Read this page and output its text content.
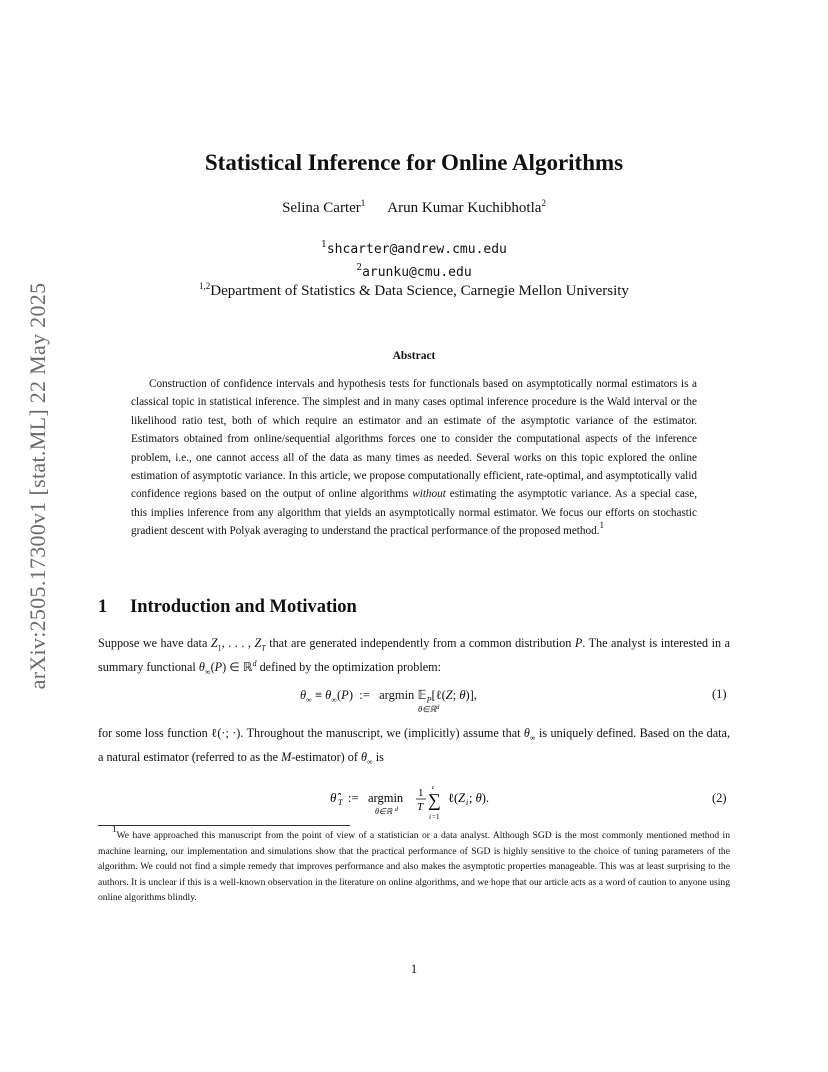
arXiv:2505.17300v1 [stat.ML] 22 May 2025
Statistical Inference for Online Algorithms
Selina Carter$^1$ Arun Kumar Kuchibhotla$^2$
$^1$shcarter@andrew.cmu.edu
$^2$arunku@cmu.edu
$^{1,2}$Department of Statistics & Data Science, Carnegie Mellon University
Abstract
Construction of confidence intervals and hypothesis tests for functionals based on asymptotically normal estimators is a classical topic in statistical inference. The simplest and in many cases optimal inference procedure is the Wald interval or the likelihood ratio test, both of which require an estimator and an estimate of the asymptotic variance of the estimator. Estimators obtained from online/sequential algorithms forces one to consider the computational aspects of the inference problem, i.e., one cannot access all of the data as many times as needed. Several works on this topic explored the online estimation of asymptotic variance. In this article, we propose computationally efficient, rate-optimal, and asymptotically valid confidence regions based on the output of online algorithms without estimating the asymptotic variance. As a special case, this implies inference from any algorithm that yields an asymptotically normal estimator. We focus our efforts on stochastic gradient descent with Polyak averaging to understand the practical performance of the proposed method.$^1$
1 Introduction and Motivation
Suppose we have data $Z_1$, . . . , $Z_T$ that are generated independently from a common distribution P. The analyst is interested in a summary functional $\theta_\infty(P)$ ∈ ℝ$^d$ defined by the optimization problem:
$\theta_\infty \equiv \theta_\infty(P)$  :=   argmin 𝔼$_P$[ℓ(Z; θ)],
θ∈ℝ$^d$
(1)
for some loss function ℓ(·; ·). Throughout the manuscript, we (implicitly) assume that $\theta_\infty$ is uniquely defined. Based on the data, a natural estimator (referred to as the M-estimator) of $\theta_\infty$ is
θ̂ T := argmin
θ∈ℝ d
1
T
T
∑
i =1
ℓ(Z i ; θ).	(2)
$^1$We have approached this manuscript from the point of view of a statistician or a data analyst. Although SGD is the most commonly mentioned method in machine learning, our implementation and simulations show that the practical performance of SGD is highly sensitive to the choice of tuning parameters of the algorithm. We could not find a simple remedy that improves performance and also makes the asymptotic properties manageable. This was at least surprising to the authors. It is unclear if this is a well-known observation in the literature on online algorithms, and we hope that our article acts as a word of caution to anyone using online algorithms blindly.
1
